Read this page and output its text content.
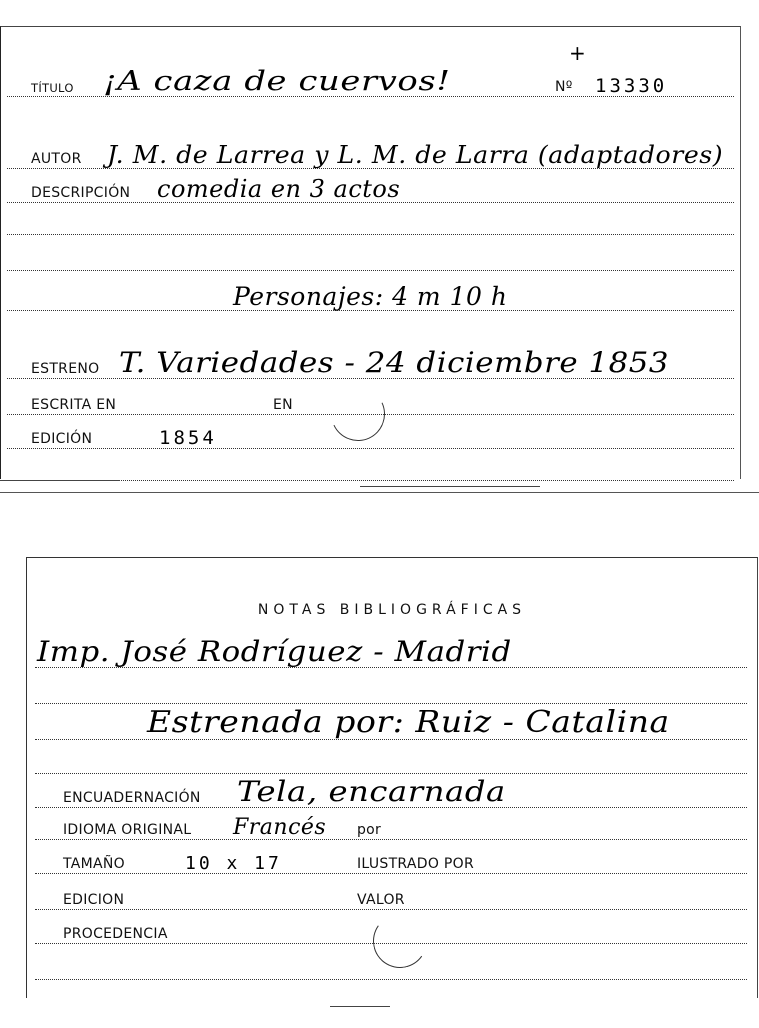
+
TÍTULO ¡A caza de cuervos!	Nº 13330
AUTOR J. M. de Larrea y L. M. de Larra (adaptadores)
DESCRIPCIÓN comedia en 3 actos
Personajes: 4 m 10 h
ESTRENO T. Variedades - 24 diciembre 1853
ESCRITA EN	EN
EDICIÓN	1854
NOTAS BIBLIOGRÁFICAS
Imp. José Rodríguez - Madrid
Estrenada por: Ruiz - Catalina
ENCUADERNACIÓN Tela, encarnada
IDIOMA ORIGINAL Francés por
TAMAÑO	10 x 17	ILUSTRADO POR
EDICION	VALOR
PROCEDENCIA
